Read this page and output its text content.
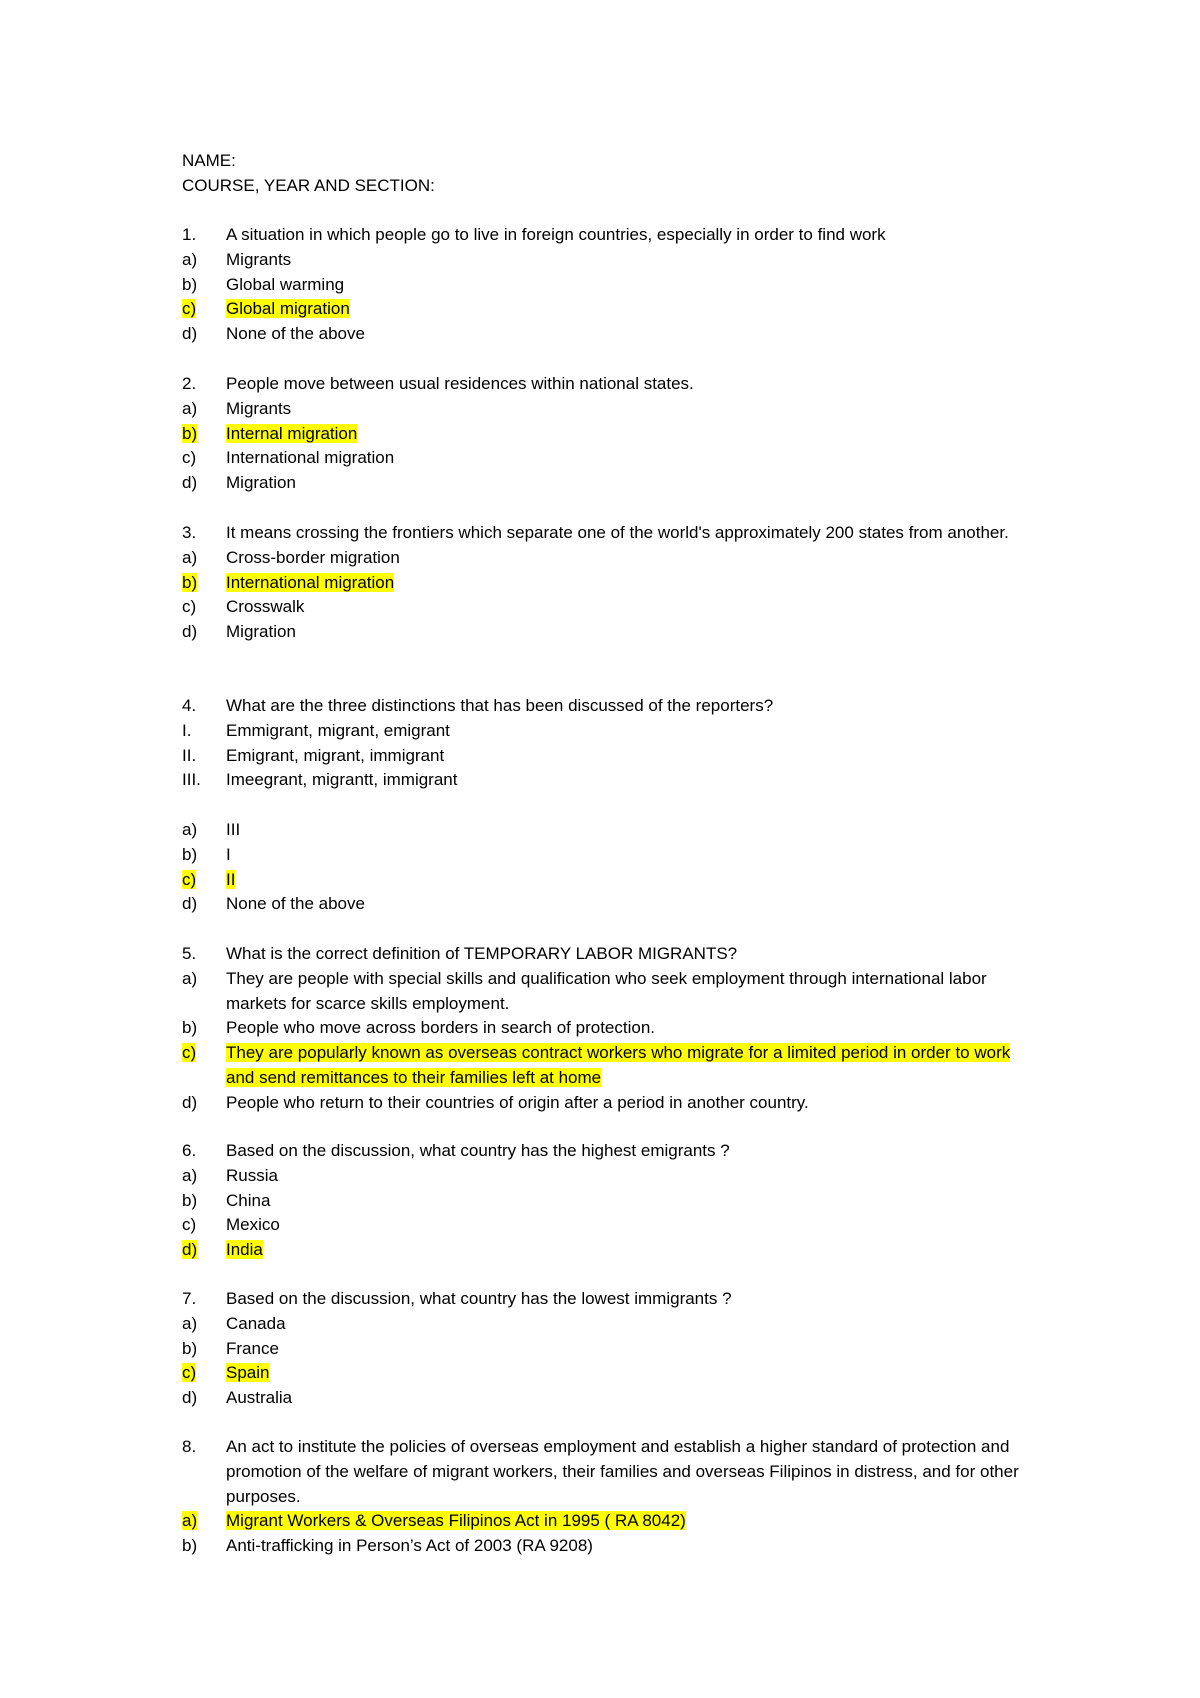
NAME:
COURSE, YEAR AND SECTION:
1.	A situation in which people go to live in foreign countries, especially in order to find work
a)	Migrants
b)	Global warming
c)	Global migration
d)	None of the above
2.	People move between usual residences within national states.
a)	Migrants
b)	Internal migration
c)	International migration
d)	Migration
3.	It means crossing the frontiers which separate one of the world's approximately 200 states from another.
a)	Cross-border migration
b)	International migration
c)	Crosswalk
d)	Migration
4.	What are the three distinctions that has been discussed of the reporters?
I.	Emmigrant, migrant, emigrant
II.	Emigrant, migrant, immigrant
III.	Imeegrant, migrantt, immigrant
a)	III
b)	I
c)	II
d)	None of the above
5.	What is the correct definition of TEMPORARY LABOR MIGRANTS?
a)	They are people with special skills and qualification who seek employment through international labor markets for scarce skills employment.
b)	People who move across borders in search of protection.
c)	They are popularly known as overseas contract workers who migrate for a limited period in order to work and send remittances to their families left at home
d)	People who return to their countries of origin after a period in another country.
6.	Based on the discussion, what country has the highest emigrants ?
a)	Russia
b)	China
c)	Mexico
d)	India
7.	Based on the discussion, what country has the lowest immigrants ?
a)	Canada
b)	France
c)	Spain
d)	Australia
8.	An act to institute the policies of overseas employment and establish a higher standard of protection and promotion of the welfare of migrant workers, their families and overseas Filipinos in distress, and for other purposes.
a)	Migrant Workers & Overseas Filipinos Act in 1995 ( RA 8042)
b)	Anti-trafficking in Person’s Act of 2003 (RA 9208)
